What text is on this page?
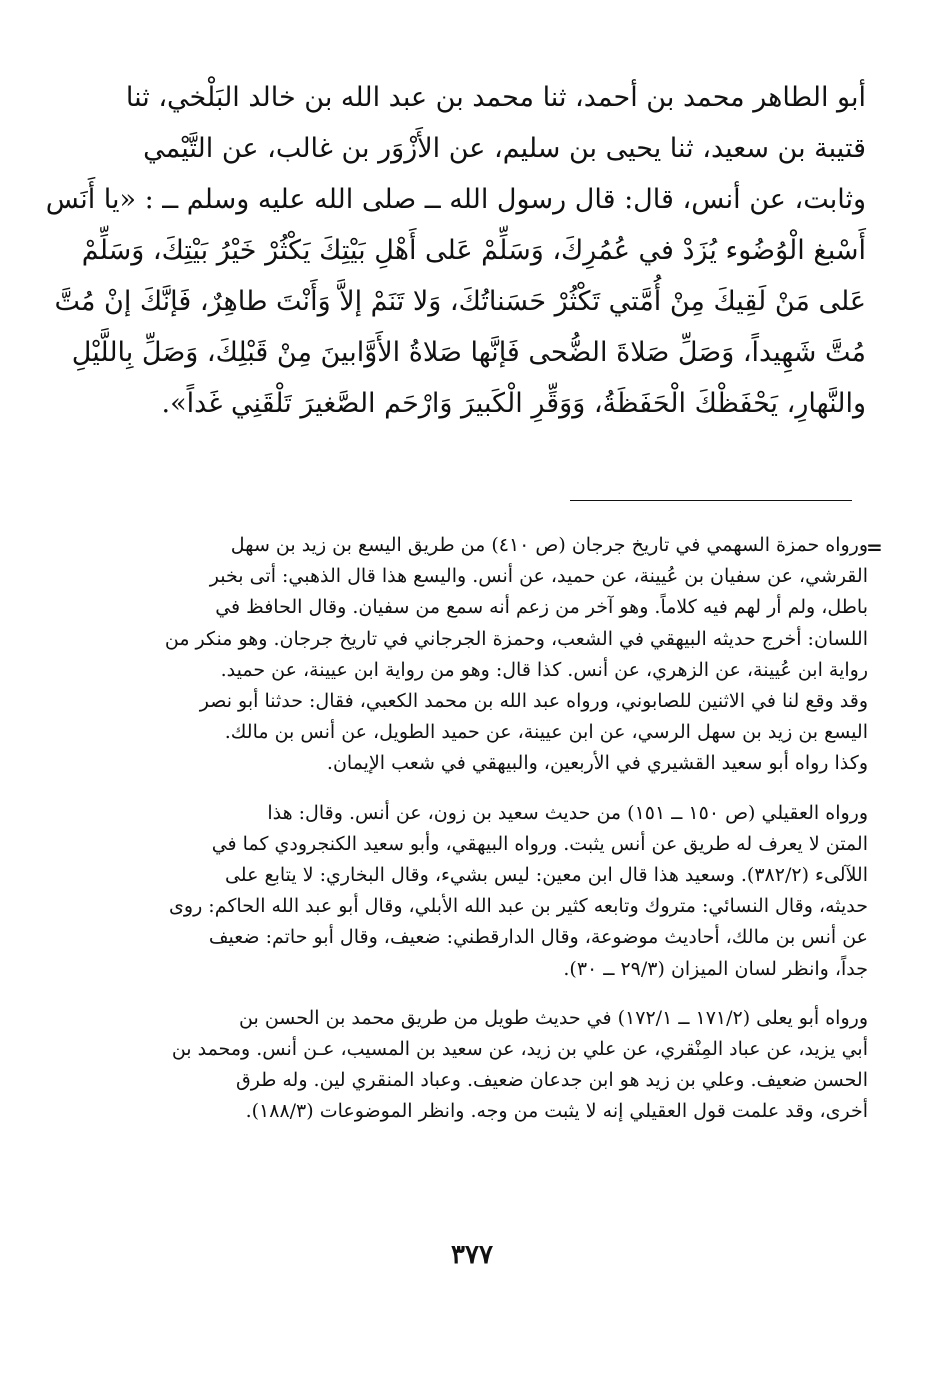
أبو الطاهر محمد بن أحمد، ثنا محمد بن عبد الله بن خالد البَلْخي، ثنا
قتيبة بن سعيد، ثنا يحيى بن سليم، عن الأَزْوَر بن غالب، عن التَّيْمي
وثابت، عن أنس، قال: قال رسول الله ــ صلى الله عليه وسلم ــ : «يا أَنَس
أَسْبغ الْوُضُوء يُزَدْ في عُمُرِكَ، وَسَلِّمْ عَلى أَهْلِ بَيْتِكَ يَكْثُرْ خَيْرُ بَيْتِكَ، وَسَلِّمْ
عَلى مَنْ لَقِيكَ مِنْ أُمَّتي تَكْثُرْ حَسَناتُكَ، وَلا تَنَمْ إلاَّ وَأَنْتَ طاهِرٌ، فَإنَّكَ إنْ مُتَّ
مُتَّ شَهِيداً، وَصَلِّ صَلاةَ الضُّحى فَإنَّها صَلاةُ الأَوَّابينَ مِنْ قَبْلِكَ، وَصَلِّ بِاللَّيْلِ
والنَّهارِ، يَحْفَظْكَ الْحَفَظَةُ، وَوَقِّرِ الْكَبيرَ وَارْحَم الصَّغيرَ تَلْقَنِي غَداً».
=
ورواه حمزة السهمي في تاريخ جرجان (ص ٤١٠) من طريق اليسع بن زيد بن سهل
القرشي، عن سفيان بن عُيينة، عن حميد، عن أنس. واليسع هذا قال الذهبي: أتى بخبر
باطل، ولم أر لهم فيه كلاماً. وهو آخر من زعم أنه سمع من سفيان. وقال الحافظ في
اللسان: أخرج حديثه البيهقي في الشعب، وحمزة الجرجاني في تاريخ جرجان. وهو منكر من
رواية ابن عُيينة، عن الزهري، عن أنس. كذا قال: وهو من رواية ابن عيينة، عن حميد.
وقد وقع لنا في الاثنين للصابوني، ورواه عبد الله بن محمد الكعبي، فقال: حدثنا أبو نصر
اليسع بن زيد بن سهل الرسي، عن ابن عيينة، عن حميد الطويل، عن أنس بن مالك.
وكذا رواه أبو سعيد القشيري في الأربعين، والبيهقي في شعب الإيمان.
ورواه العقيلي (ص ١٥٠ ــ ١٥١) من حديث سعيد بن زون، عن أنس. وقال: هذا
المتن لا يعرف له طريق عن أنس يثبت. ورواه البيهقي، وأبو سعيد الكنجرودي كما في
اللآلىء (٣٨٢/٢). وسعيد هذا قال ابن معين: ليس بشيء، وقال البخاري: لا يتابع على
حديثه، وقال النسائي: متروك وتابعه كثير بن عبد الله الأبلي، وقال أبو عبد الله الحاكم: روى
عن أنس بن مالك، أحاديث موضوعة، وقال الدارقطني: ضعيف، وقال أبو حاتم: ضعيف
جداً، وانظر لسان الميزان (٢٩/٣ ــ ٣٠).
ورواه أبو يعلى (١٧١/٢ ــ ١٧٢/١) في حديث طويل من طريق محمد بن الحسن بن
أبي يزيد، عن عباد المِنْقري، عن علي بن زيد، عن سعيد بن المسيب، عـن أنس. ومحمد بن
الحسن ضعيف. وعلي بن زيد هو ابن جدعان ضعيف. وعباد المنقري لين. وله طرق
أخرى، وقد علمت قول العقيلي إنه لا يثبت من وجه. وانظر الموضوعات (١٨٨/٣).
٣٧٧
